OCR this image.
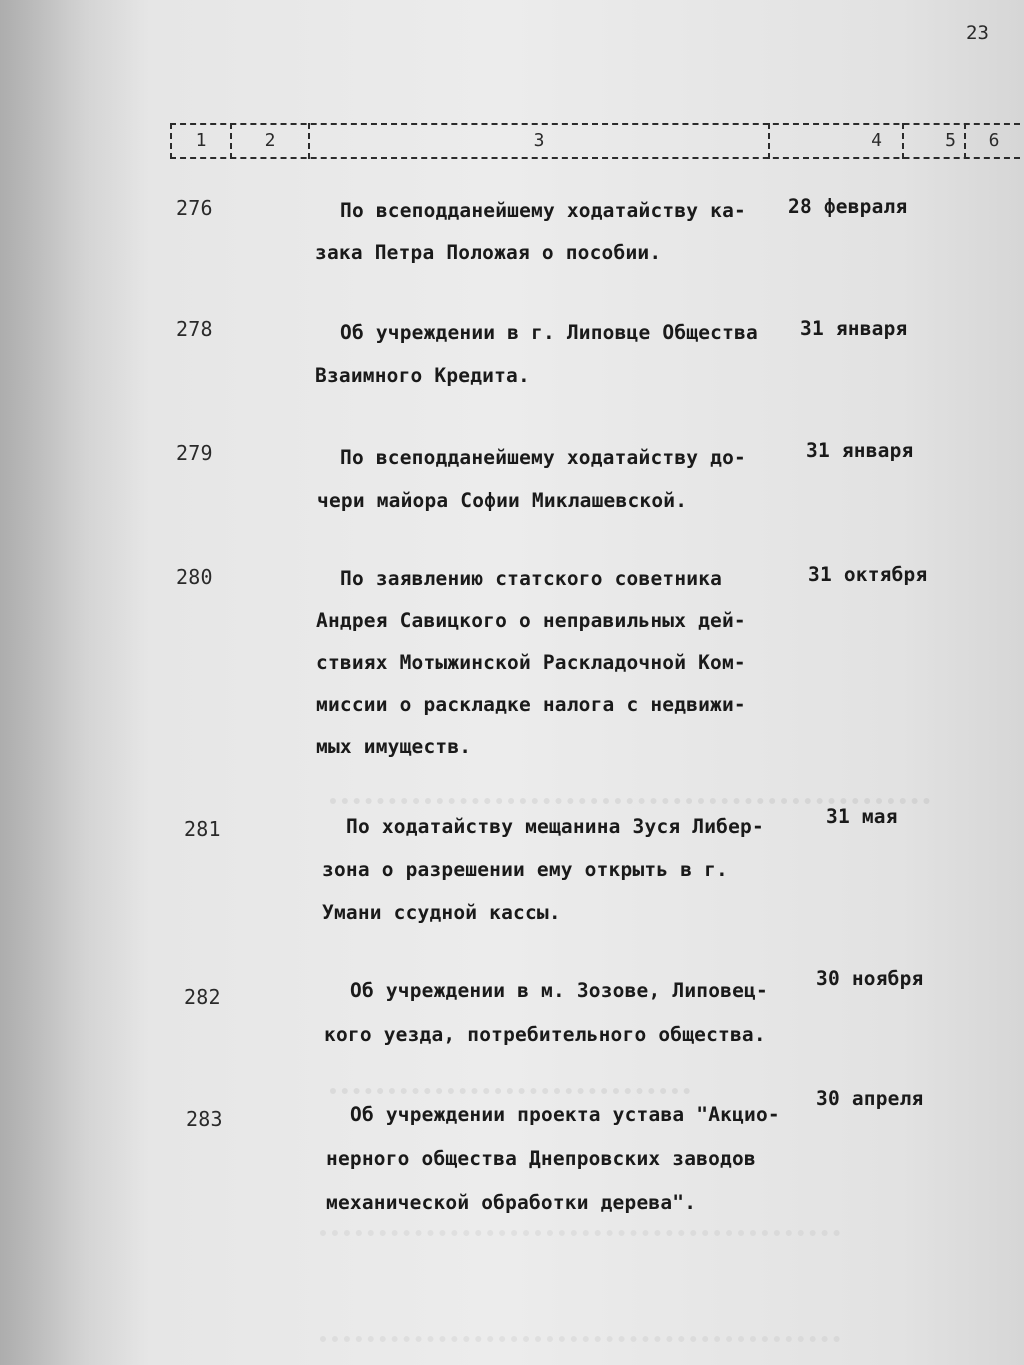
23
1	2	3	4	5	6
276	По всеподданейшему ходатайству ка-
зака Петра Положая о пособии.
28 февраля
278	Об учреждении в г. Липовце Общества
Взаимного Кредита.
31 января
279	По всеподданейшему ходатайству до-
чери майора Софии Миклашевской.
31 января
280	По заявлению статского советника
Андрея Савицкого о неправильных дей-
ствиях Мотыжинской Раскладочной Ком-
миссии о раскладке налога с недвижи-
мых имуществ.
31 октября
281	По ходатайству мещанина Зуся Либер-
зона о разрешении ему открыть в г.
Умани ссудной кассы.
31 мая
282	Об учреждении в м. Зозове, Липовец-
кого уезда, потребительного общества.
30 ноября
283	Об учреждении проекта устава "Акцио-
нерного общества Днепровских заводов
механической обработки дерева".
30 апреля
